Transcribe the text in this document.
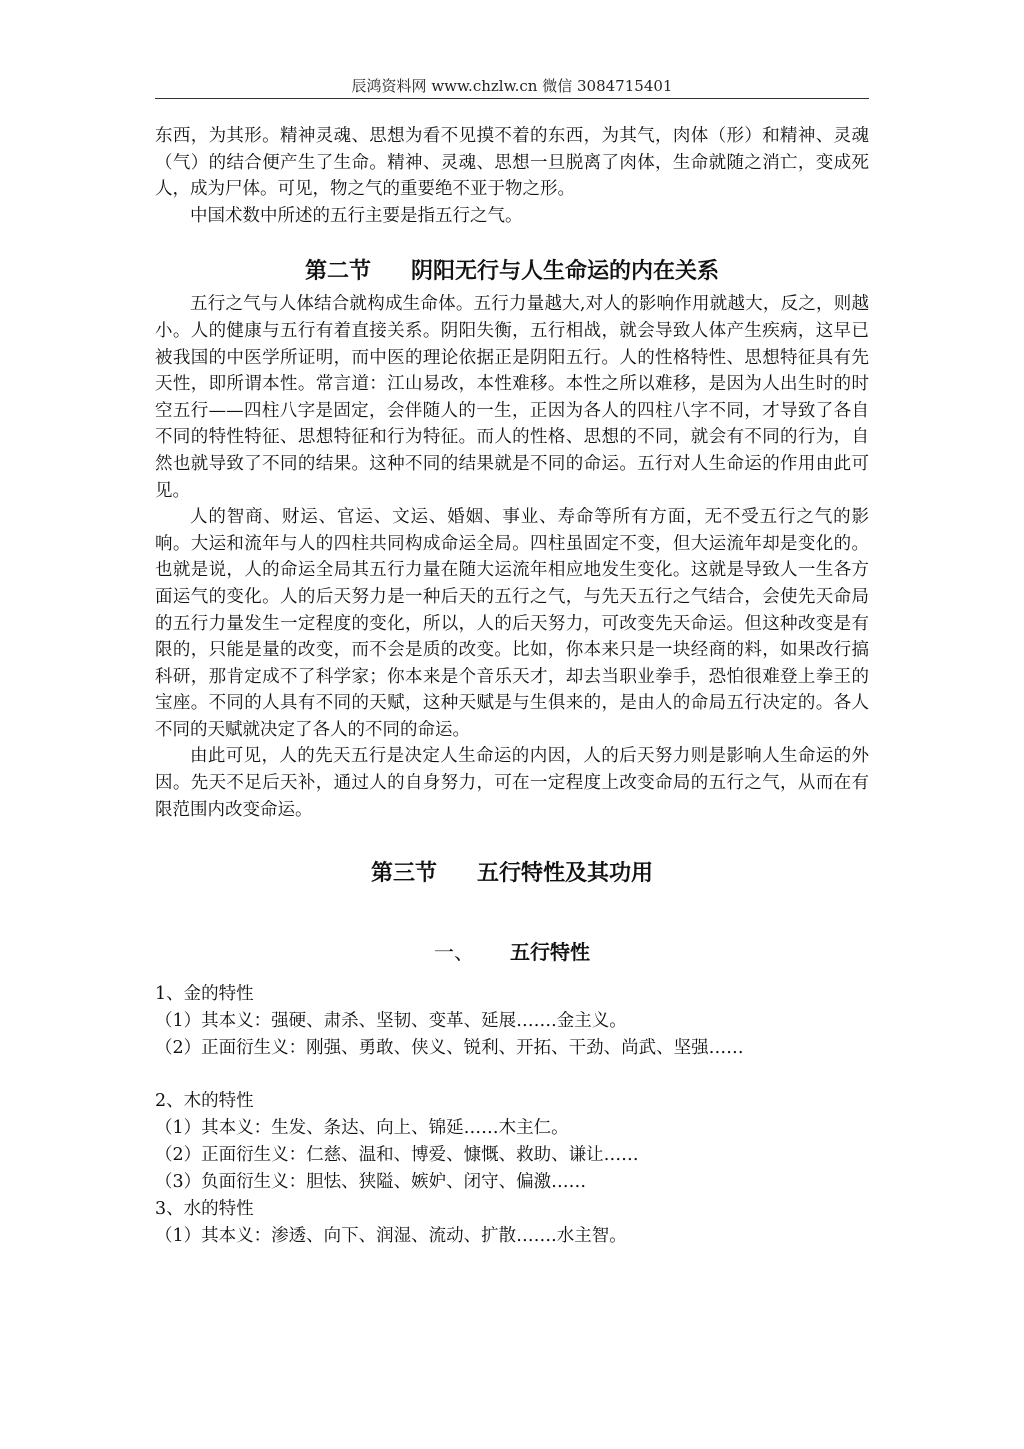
辰鸿资料网 www.chzlw.cn 微信 3084715401

东西，为其形。精神灵魂、思想为看不见摸不着的东西，为其气，肉体（形）和精神、灵魂（气）的结合便产生了生命。精神、灵魂、思想一旦脱离了肉体，生命就随之消亡，变成死人，成为尸体。可见，物之气的重要绝不亚于物之形。

中国术数中所述的五行主要是指五行之气。

第二节 阴阳无行与人生命运的内在关系

五行之气与人体结合就构成生命体。五行力量越大,对人的影响作用就越大，反之，则越小。人的健康与五行有着直接关系。阴阳失衡，五行相战，就会导致人体产生疾病，这早已被我国的中医学所证明，而中医的理论依据正是阴阳五行。人的性格特性、思想特征具有先天性，即所谓本性。常言道：江山易改，本性难移。本性之所以难移，是因为人出生时的时空五行——四柱八字是固定，会伴随人的一生，正因为各人的四柱八字不同，才导致了各自不同的特性特征、思想特征和行为特征。而人的性格、思想的不同，就会有不同的行为，自然也就导致了不同的结果。这种不同的结果就是不同的命运。五行对人生命运的作用由此可见。

人的智商、财运、官运、文运、婚姻、事业、寿命等所有方面，无不受五行之气的影响。大运和流年与人的四柱共同构成命运全局。四柱虽固定不变，但大运流年却是变化的。也就是说，人的命运全局其五行力量在随大运流年相应地发生变化。这就是导致人一生各方面运气的变化。人的后天努力是一种后天的五行之气，与先天五行之气结合，会使先天命局的五行力量发生一定程度的变化，所以，人的后天努力，可改变先天命运。但这种改变是有限的，只能是量的改变，而不会是质的改变。比如，你本来只是一块经商的料，如果改行搞科研，那肯定成不了科学家；你本来是个音乐天才，却去当职业拳手，恐怕很难登上拳王的宝座。不同的人具有不同的天赋，这种天赋是与生俱来的，是由人的命局五行决定的。各人不同的天赋就决定了各人的不同的命运。

由此可见，人的先天五行是决定人生命运的内因，人的后天努力则是影响人生命运的外因。先天不足后天补，通过人的自身努力，可在一定程度上改变命局的五行之气，从而在有限范围内改变命运。

第三节 五行特性及其功用
一、 五行特性

1、金的特性

（1）其本义：强硬、肃杀、坚韧、变革、延展…….金主义。

（2）正面衍生义：刚强、勇敢、侠义、锐利、开拓、干劲、尚武、坚强……

2、木的特性

（1）其本义：生发、条达、向上、锦延……木主仁。

（2）正面衍生义：仁慈、温和、博爱、慷慨、救助、谦让……

（3）负面衍生义：胆怯、狭隘、嫉妒、闭守、偏激……

3、水的特性

（1）其本义：渗透、向下、润湿、流动、扩散…….水主智。
